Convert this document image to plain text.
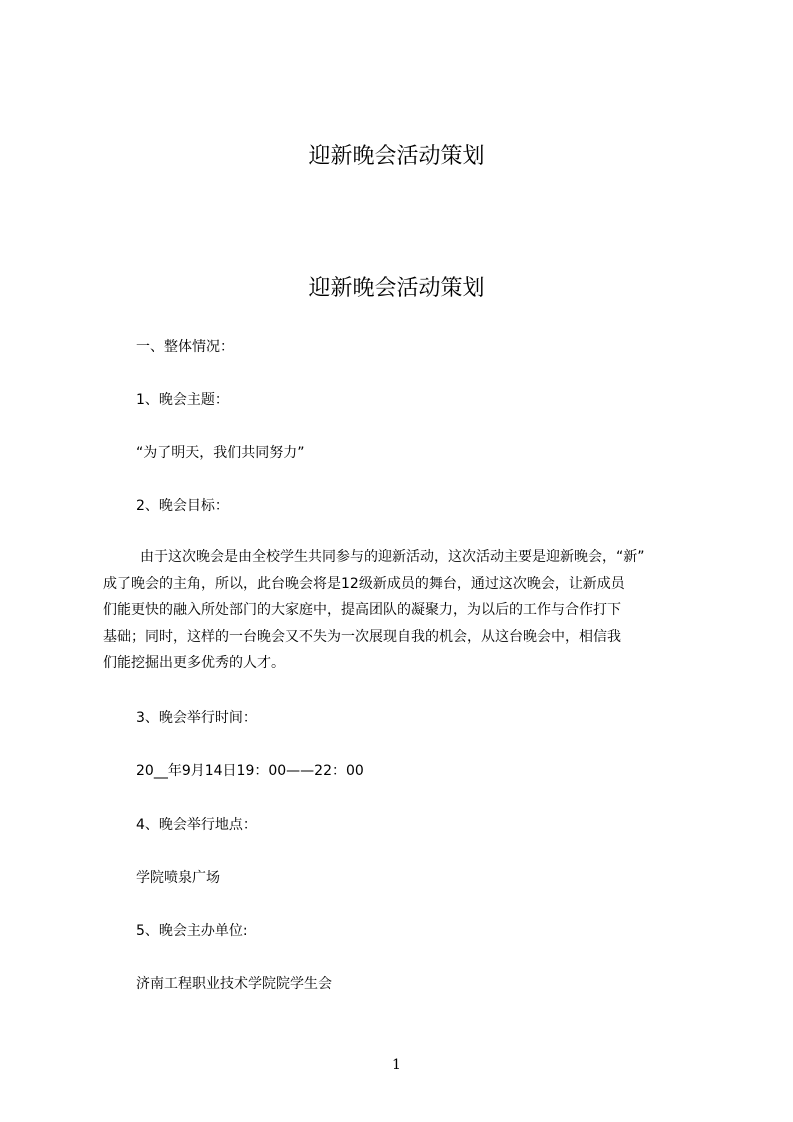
迎新晚会活动策划
迎新晚会活动策划
一、整体情况：
1、晚会主题：
“为了明天，我们共同努力”
2、晚会目标：
由于这次晚会是由全校学生共同参与的迎新活动，这次活动主要是迎新晚会，“新”
成了晚会的主角，所以，此台晚会将是12级新成员的舞台，通过这次晚会，让新成员
们能更快的融入所处部门的大家庭中，提高团队的凝聚力，为以后的工作与合作打下
基础；同时，这样的一台晚会又不失为一次展现自我的机会，从这台晚会中，相信我
们能挖掘出更多优秀的人才。
3、晚会举行时间：
20__年9月14日19：00——22：00
4、晚会举行地点：
学院喷泉广场
5、晚会主办单位:
济南工程职业技术学院院学生会
1
